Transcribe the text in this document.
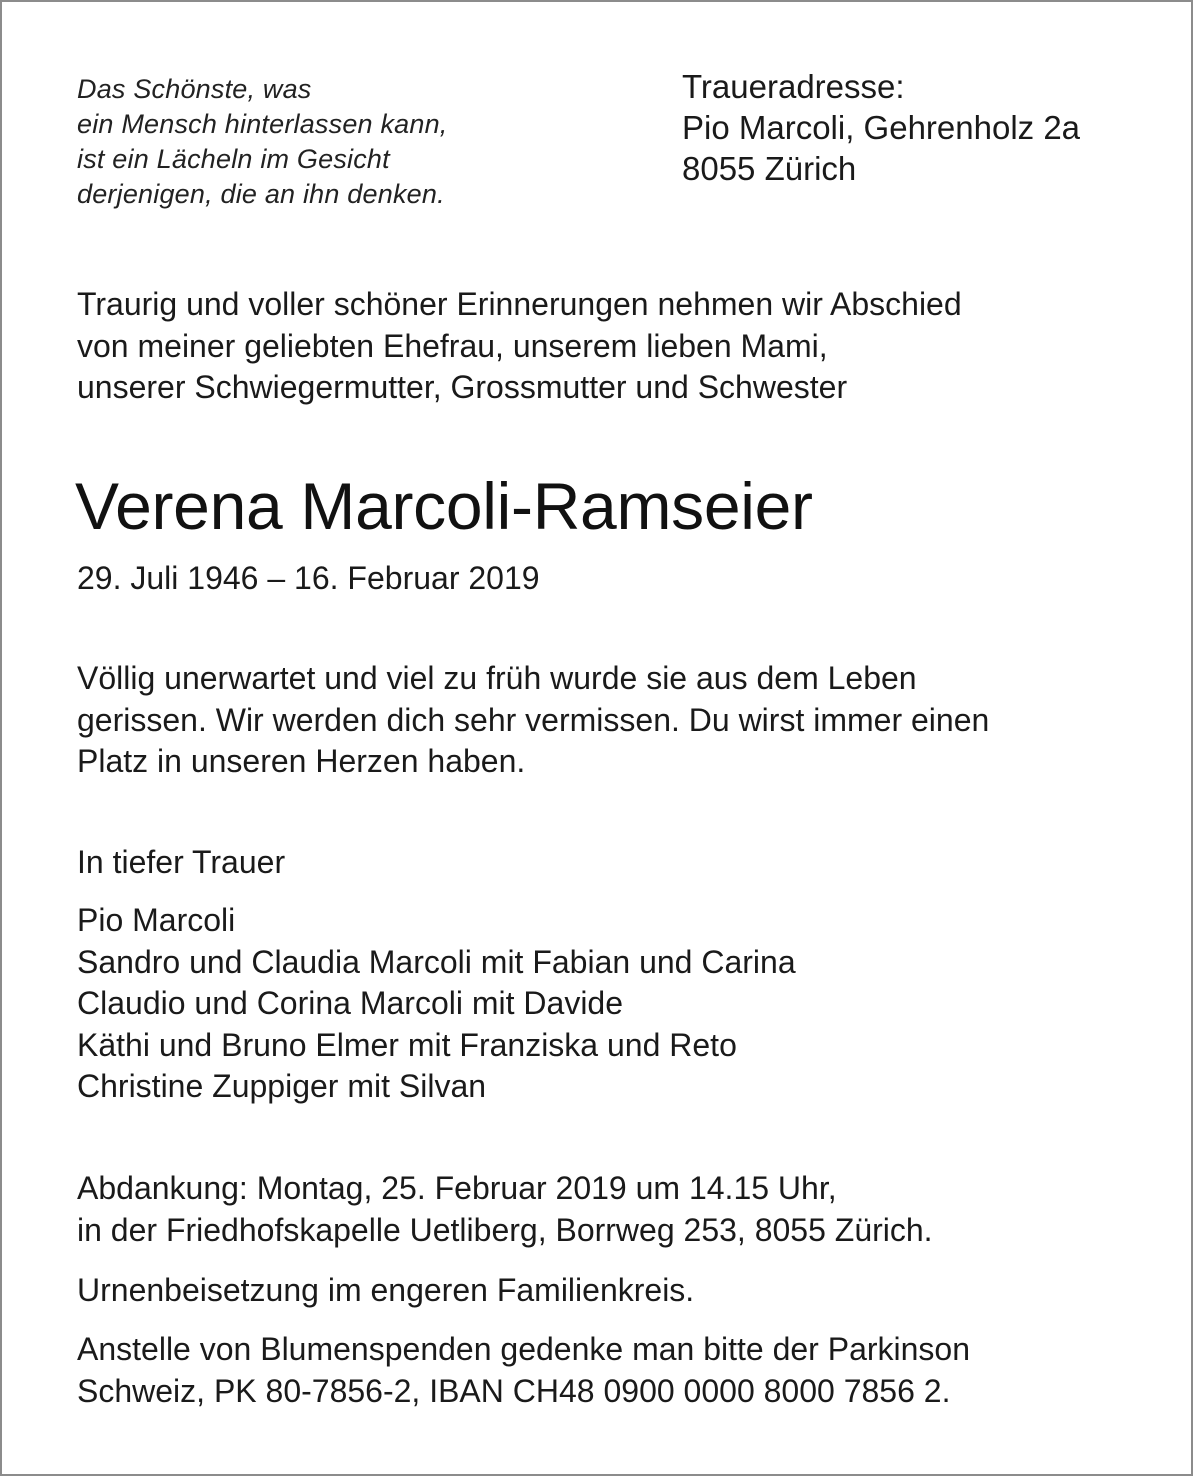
Das Schönste, was
ein Mensch hinterlassen kann,
ist ein Lächeln im Gesicht
derjenigen, die an ihn denken.
Traueradresse:
Pio Marcoli, Gehrenholz 2a
8055 Zürich
Traurig und voller schöner Erinnerungen nehmen wir Abschied
von meiner geliebten Ehefrau, unserem lieben Mami,
unserer Schwiegermutter, Grossmutter und Schwester
Verena Marcoli-Ramseier
29. Juli 1946 – 16. Februar 2019
Völlig unerwartet und viel zu früh wurde sie aus dem Leben
gerissen. Wir werden dich sehr vermissen. Du wirst immer einen
Platz in unseren Herzen haben.
In tiefer Trauer
Pio Marcoli
Sandro und Claudia Marcoli mit Fabian und Carina
Claudio und Corina Marcoli mit Davide
Käthi und Bruno Elmer mit Franziska und Reto
Christine Zuppiger mit Silvan
Abdankung: Montag, 25. Februar 2019 um 14.15 Uhr,
in der Friedhofskapelle Uetliberg, Borrweg 253, 8055 Zürich.
Urnenbeisetzung im engeren Familienkreis.
Anstelle von Blumenspenden gedenke man bitte der Parkinson
Schweiz, PK 80-7856-2, IBAN CH48 0900 0000 8000 7856 2.
